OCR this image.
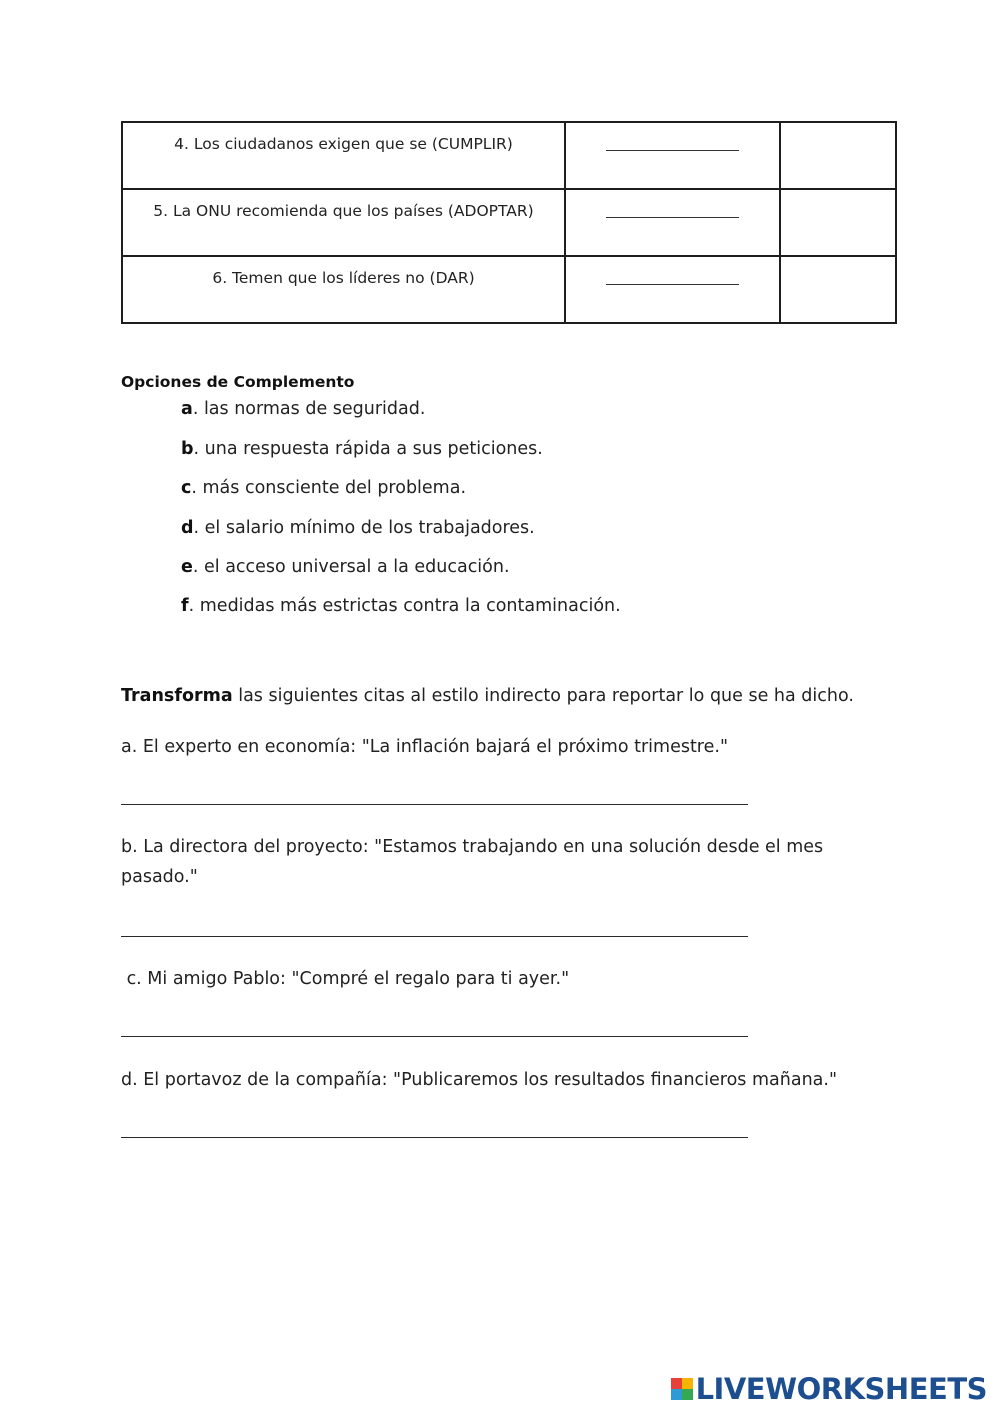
4. Los ciudadanos exigen que se (CUMPLIR)	

5. La ONU recomienda que los países (ADOPTAR)	

6. Temen que los líderes no (DAR)	

Opciones de Complemento
a. las normas de seguridad.
b. una respuesta rápida a sus peticiones.
c. más consciente del problema.
d. el salario mínimo de los trabajadores.
e. el acceso universal a la educación.
f. medidas más estrictas contra la contaminación.
Transforma las siguientes citas al estilo indirecto para reportar lo que se ha dicho.
a. El experto en economía: "La inflación bajará el próximo trimestre."
b. La directora del proyecto: "Estamos trabajando en una solución desde el mes pasado."
c. Mi amigo Pablo: "Compré el regalo para ti ayer."
d. El portavoz de la compañía: "Publicaremos los resultados financieros mañana."
LIVEWORKSHEETS
